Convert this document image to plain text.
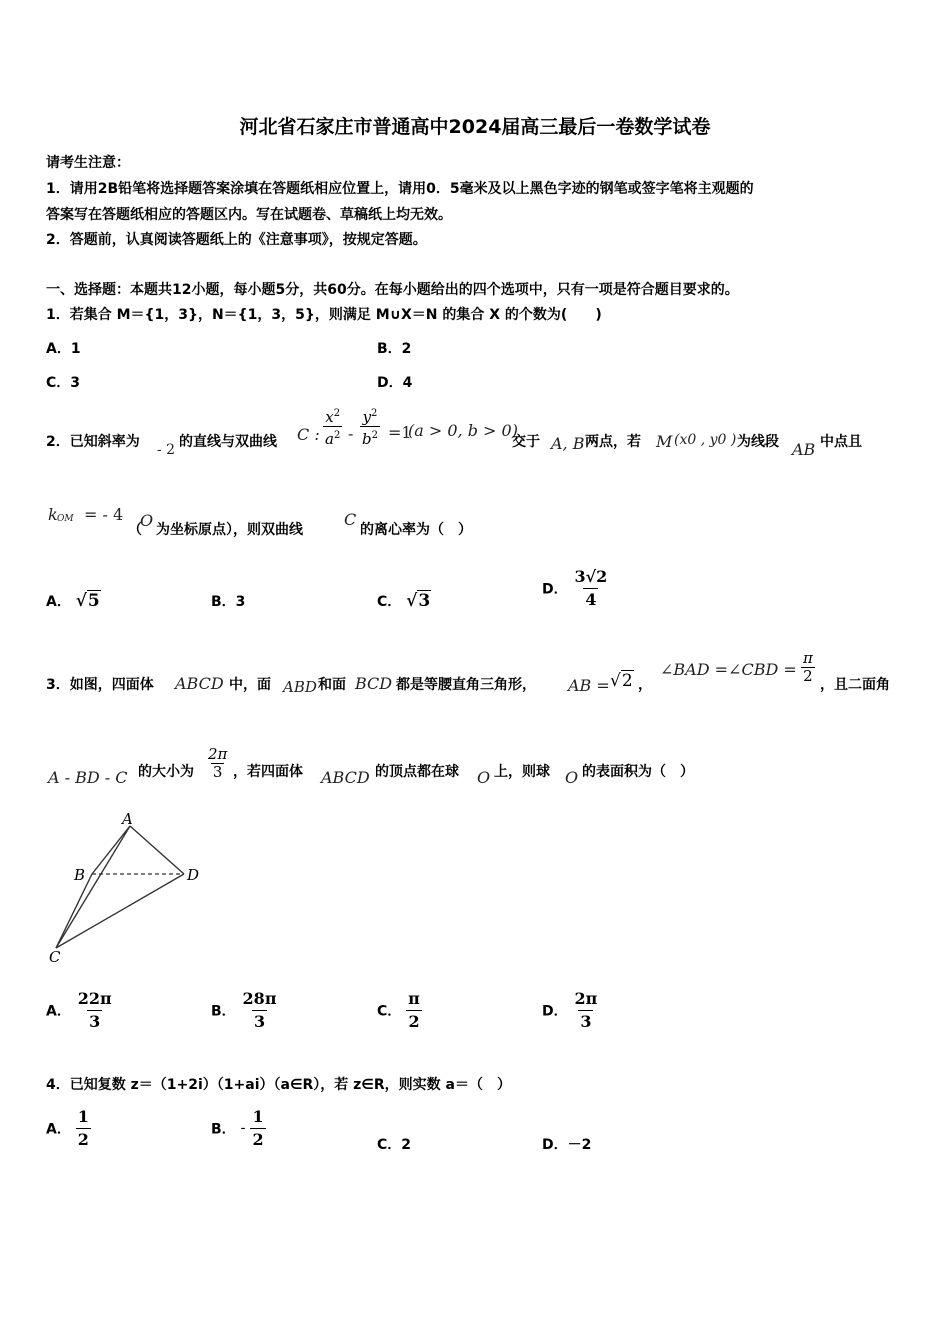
河北省石家庄市普通高中2024届高三最后一卷数学试卷
请考生注意：
1．请用2B铅笔将选择题答案涂填在答题纸相应位置上，请用0．5毫米及以上黑色字迹的钢笔或签字笔将主观题的
答案写在答题纸相应的答题区内。写在试题卷、草稿纸上均无效。
2．答题前，认真阅读答题纸上的《注意事项》，按规定答题。
一、选择题：本题共12小题，每小题5分，共60分。在每小题给出的四个选项中，只有一项是符合题目要求的。
1．若集合 M＝{1，3}，N＝{1，3，5}，则满足 M∪X＝N 的集合 X 的个数为(　　)
A．1	B．2
C．3	D．4
2．已知斜率为 - 2 的直线与双曲线 C : $\frac{x^2}{a^2} - \frac{y^2}{b^2} =1$
(a > 0, b > 0)
交于 A, B 两点，若 M (x0 , y0 ) 为线段 AB 中点且
k OM = - 4
（
O 为坐标原点），则双曲线
C
的离心率为（　）
A． √5	B．3	C． √3
D． $\frac{3√2}{4}$
3．如图，四面体 ABCD 中，面 ABD 和面 BCD 都是等腰直角三角形， AB = √2 ，
∠BAD =∠CBD = $\frac{\pi}{2}$ ，且二面角
A - BD - C 的大小为 $\frac{2\pi}{3}$ ，若四面体 ABCD 的顶点都在球 O 上，则球 O 的表面积为（　）
A
B	D
C
A． $\frac{22\pi}{3}$	B． $\frac{28\pi}{3}$	C． $\frac{\pi}{2}$	D． $\frac{2\pi}{3}$
4．已知复数 z＝（1+2i）（1+ai）（a∈R），若 z∈R，则实数 a＝（　）
A． $\frac{1}{2}$	B． - $\frac{1}{2}$	C．2	D．－2
